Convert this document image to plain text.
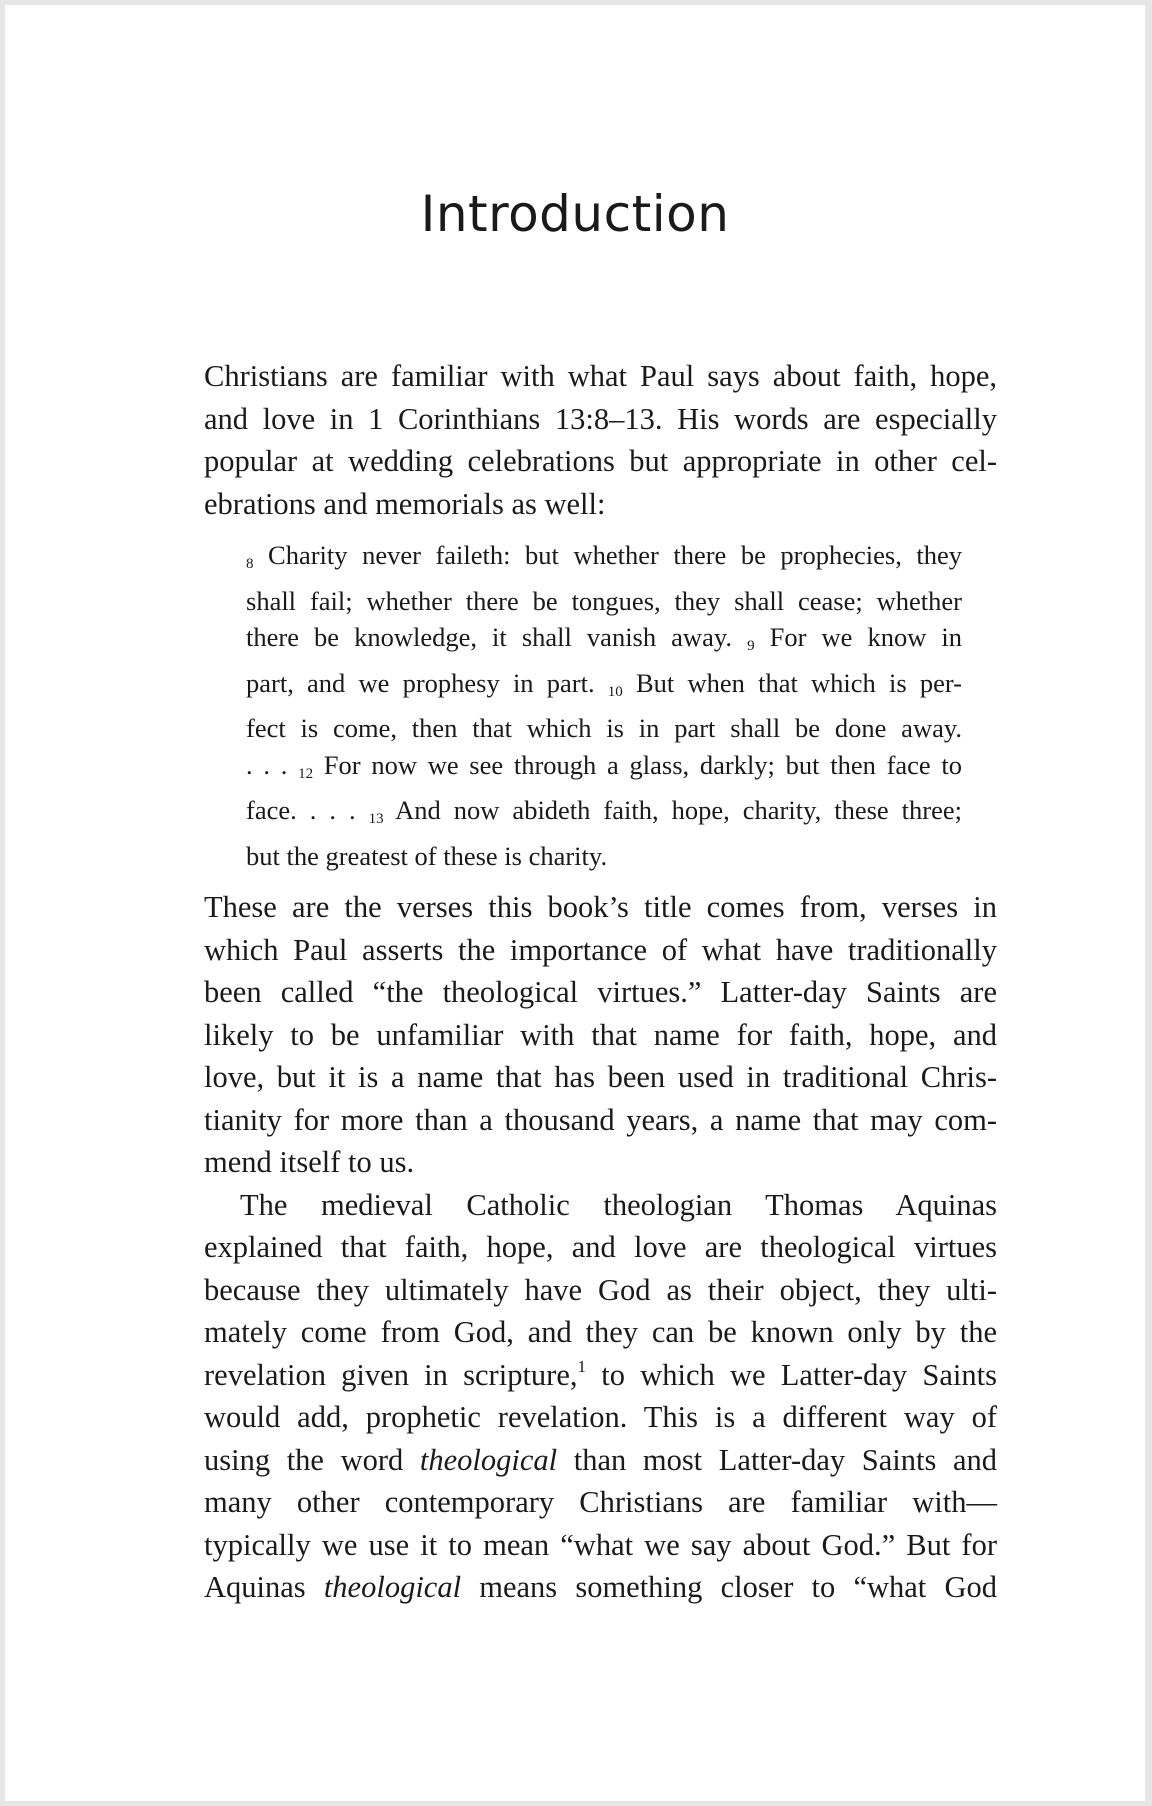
Introduction

Christians are familiar with what Paul says about faith, hope,
and love in 1 Corinthians 13:8–13. His words are especially
popular at wedding celebrations but appropriate in other cel-
ebrations and memorials as well:

8 Charity never faileth: but whether there be prophecies, they
shall fail; whether there be tongues, they shall cease; whether
there be knowledge, it shall vanish away. 9 For we know in
part, and we prophesy in part. 10 But when that which is per-
fect is come, then that which is in part shall be done away.
. . . 12 For now we see through a glass, darkly; but then face to
face. . . . 13 And now abideth faith, hope, charity, these three;
but the greatest of these is charity.

These are the verses this book’s title comes from, verses in
which Paul asserts the importance of what have traditionally
been called “the theological virtues.” Latter-day Saints are
likely to be unfamiliar with that name for faith, hope, and
love, but it is a name that has been used in traditional Chris-
tianity for more than a thousand years, a name that may com-
mend itself to us.

The medieval Catholic theologian Thomas Aquinas
explained that faith, hope, and love are theological virtues
because they ultimately have God as their object, they ulti-
mately come from God, and they can be known only by the
revelation given in scripture,$^1$ to which we Latter-day Saints
would add, prophetic revelation. This is a different way of
using the word theological than most Latter-day Saints and
many other contemporary Christians are familiar with—
typically we use it to mean “what we say about God.” But for
Aquinas theological means something closer to “what God
